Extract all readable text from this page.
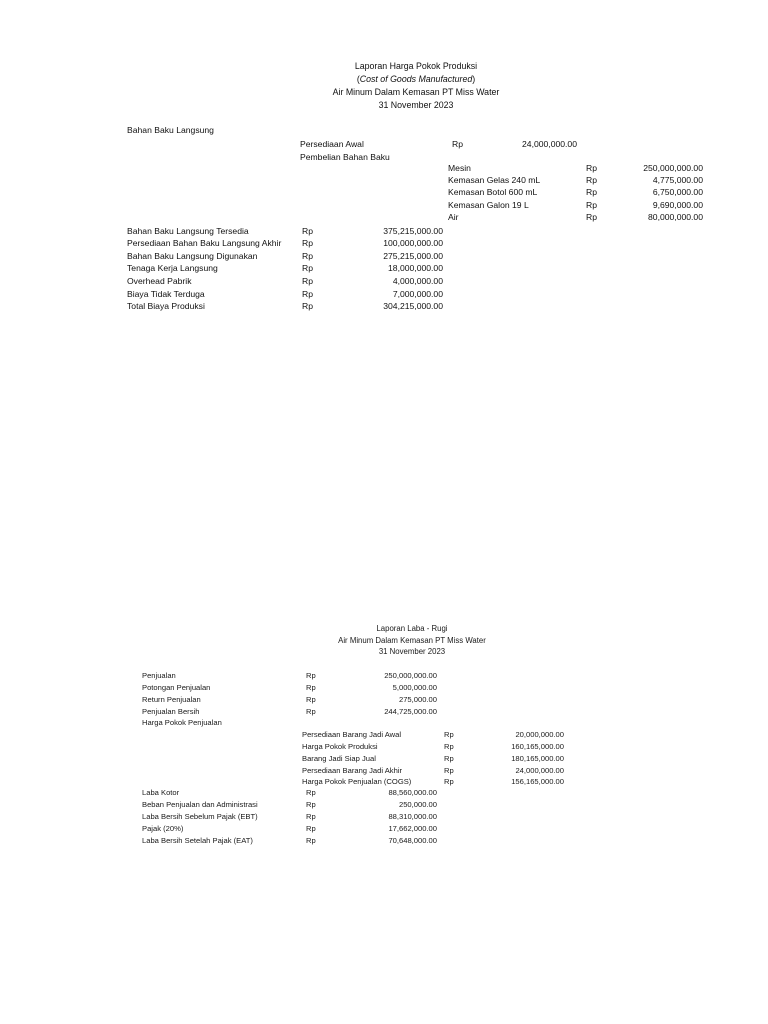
Laporan Harga Pokok Produksi
(Cost of Goods Manufactured)
Air Minum Dalam Kemasan PT Miss Water
31 November 2023
Bahan Baku Langsung
Persediaan Awal	Rp	24,000,000.00
Pembelian Bahan Baku
Mesin	Rp	250,000,000.00
Kemasan Gelas 240 mL	Rp	4,775,000.00
Kemasan Botol 600 mL	Rp	6,750,000.00
Kemasan Galon 19 L	Rp	9,690,000.00
Air	Rp	80,000,000.00
Bahan Baku Langsung Tersedia	Rp	375,215,000.00
Persediaan Bahan Baku Langsung Akhir Rp	100,000,000.00
Bahan Baku Langsung Digunakan	Rp	275,215,000.00
Tenaga Kerja Langsung	Rp	18,000,000.00
Overhead Pabrik	Rp	4,000,000.00
Biaya Tidak Terduga	Rp	7,000,000.00
Total Biaya Produksi	Rp	304,215,000.00
Laporan Laba - Rugi
Air Minum Dalam Kemasan PT Miss Water
31 November 2023
Penjualan	Rp	250,000,000.00
Potongan Penjualan	Rp	5,000,000.00
Return Penjualan	Rp	275,000.00
Penjualan Bersih	Rp	244,725,000.00
Harga Pokok Penjualan
Persediaan Barang Jadi Awal	Rp	20,000,000.00
Harga Pokok Produksi	Rp	160,165,000.00
Barang Jadi Siap Jual	Rp	180,165,000.00
Persediaan Barang Jadi Akhir	Rp	24,000,000.00
Harga Pokok Penjualan (COGS)	Rp	156,165,000.00
Laba Kotor	Rp	88,560,000.00
Beban Penjualan dan Administrasi	Rp	250,000.00
Laba Bersih Sebelum Pajak (EBT)	Rp	88,310,000.00
Pajak (20%)	Rp	17,662,000.00
Laba Bersih Setelah Pajak (EAT)	Rp	70,648,000.00
